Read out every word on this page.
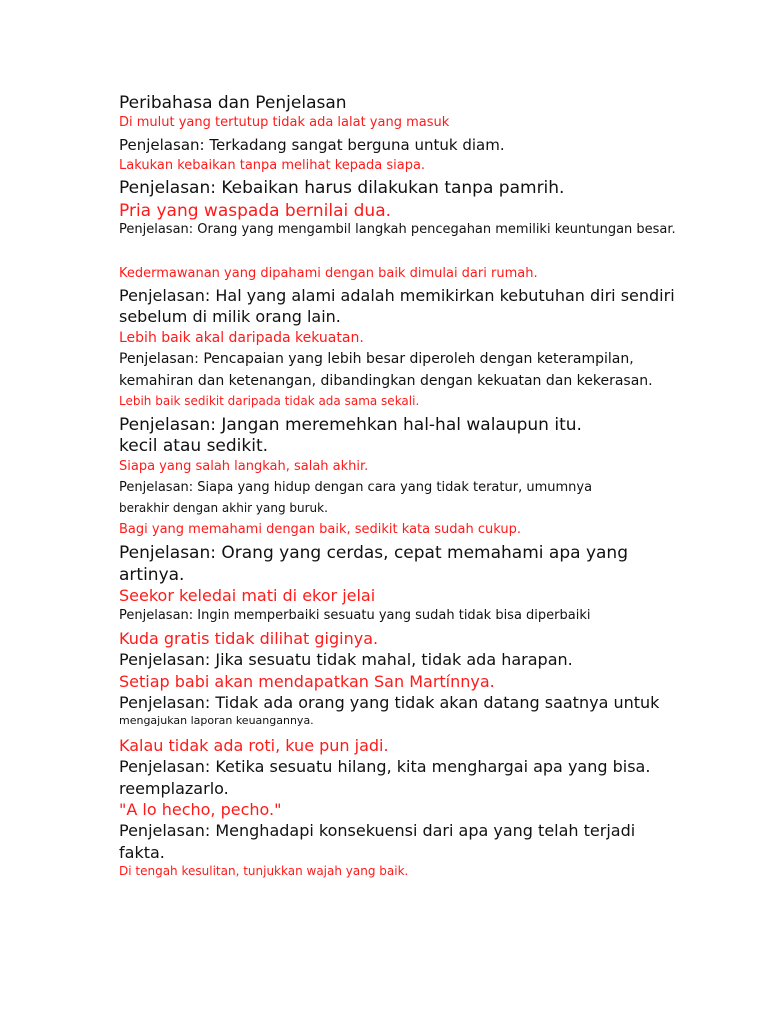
Peribahasa dan Penjelasan

Di mulut yang tertutup tidak ada lalat yang masuk

Penjelasan: Terkadang sangat berguna untuk diam.

Lakukan kebaikan tanpa melihat kepada siapa.

Penjelasan: Kebaikan harus dilakukan tanpa pamrih.

Pria yang waspada bernilai dua.

Penjelasan: Orang yang mengambil langkah pencegahan memiliki keuntungan besar.

Kedermawanan yang dipahami dengan baik dimulai dari rumah.

Penjelasan: Hal yang alami adalah memikirkan kebutuhan diri sendiri

sebelum di milik orang lain.

Lebih baik akal daripada kekuatan.

Penjelasan: Pencapaian yang lebih besar diperoleh dengan keterampilan,

kemahiran dan ketenangan, dibandingkan dengan kekuatan dan kekerasan.

Lebih baik sedikit daripada tidak ada sama sekali.

Penjelasan: Jangan meremehkan hal-hal walaupun itu.

kecil atau sedikit.

Siapa yang salah langkah, salah akhir.

Penjelasan: Siapa yang hidup dengan cara yang tidak teratur, umumnya

berakhir dengan akhir yang buruk.

Bagi yang memahami dengan baik, sedikit kata sudah cukup.

Penjelasan: Orang yang cerdas, cepat memahami apa yang

artinya.

Seekor keledai mati di ekor jelai

Penjelasan: Ingin memperbaiki sesuatu yang sudah tidak bisa diperbaiki

Kuda gratis tidak dilihat giginya.

Penjelasan: Jika sesuatu tidak mahal, tidak ada harapan.

Setiap babi akan mendapatkan San Martínnya.

Penjelasan: Tidak ada orang yang tidak akan datang saatnya untuk

mengajukan laporan keuangannya.

Kalau tidak ada roti, kue pun jadi.

Penjelasan: Ketika sesuatu hilang, kita menghargai apa yang bisa.

reemplazarlo.

"A lo hecho, pecho."

Penjelasan: Menghadapi konsekuensi dari apa yang telah terjadi

fakta.

Di tengah kesulitan, tunjukkan wajah yang baik.
